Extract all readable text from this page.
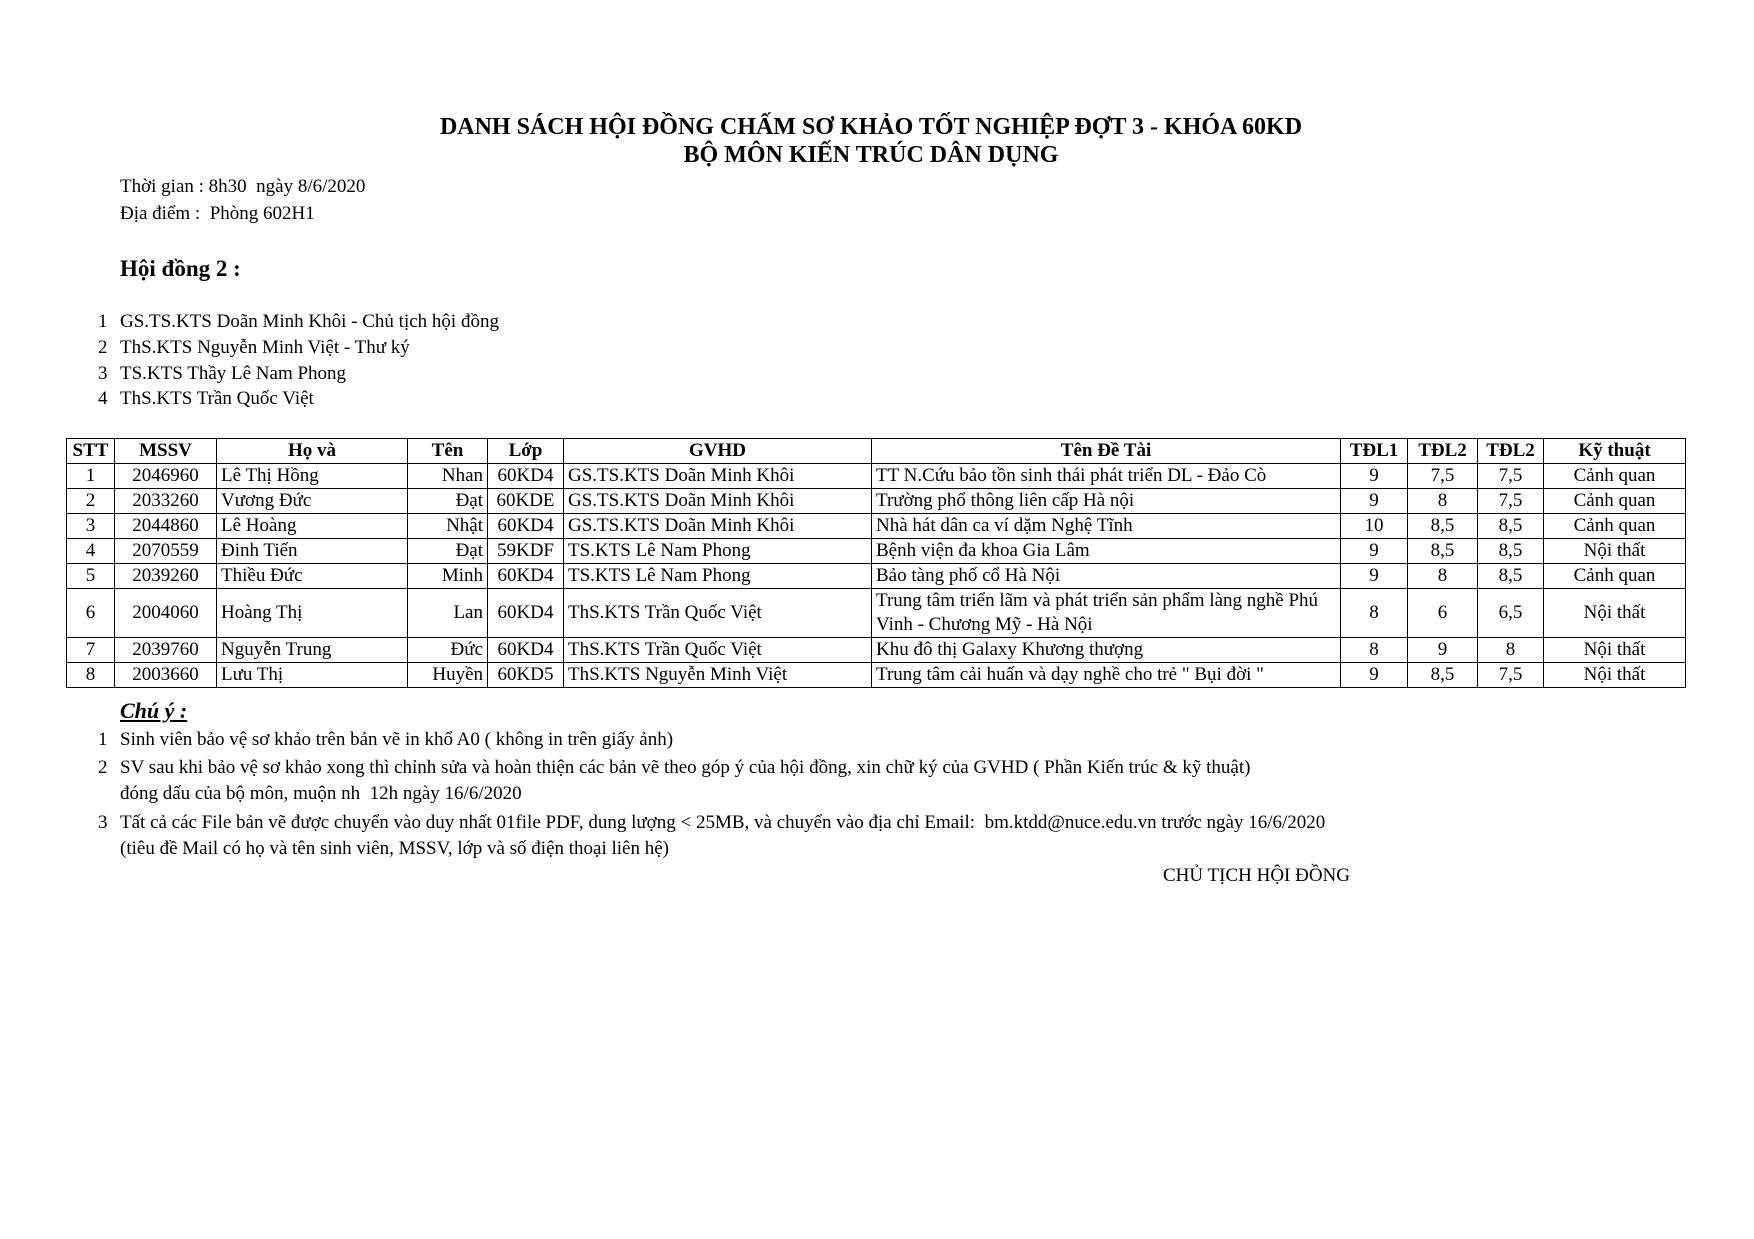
DANH SÁCH HỘI ĐỒNG CHẤM SƠ KHẢO TỐT NGHIỆP ĐỢT 3 - KHÓA 60KD
BỘ MÔN KIẾN TRÚC DÂN DỤNG
Thời gian : 8h30  ngày 8/6/2020
Địa điểm :  Phòng 602H1
Hội đồng 2 :
1 GS.TS.KTS Doãn Minh Khôi - Chủ tịch hội đồng
2 ThS.KTS Nguyễn Minh Việt - Thư ký
3 TS.KTS Thầy Lê Nam Phong
4 ThS.KTS Trần Quốc Việt
STT	MSSV	Họ và	Tên	Lớp	GVHD	Tên Đề Tài	TĐL1	TĐL2	TĐL2	Kỹ thuật
1	2046960	Lê Thị Hồng	Nhan	60KD4	GS.TS.KTS Doãn Minh Khôi	TT N.Cứu bảo tồn sinh thái phát triển DL - Đảo Cò	9	7,5	7,5	Cảnh quan
2	2033260	Vương Đức	Đạt	60KDE	GS.TS.KTS Doãn Minh Khôi	Trường phổ thông liên cấp Hà nội	9	8	7,5	Cảnh quan
3	2044860	Lê Hoàng	Nhật	60KD4	GS.TS.KTS Doãn Minh Khôi	Nhà hát dân ca ví dặm Nghệ Tĩnh	10	8,5	8,5	Cảnh quan
4	2070559	Đinh Tiến	Đạt	59KDF	TS.KTS Lê Nam Phong	Bệnh viện đa khoa Gia Lâm	9	8,5	8,5	Nội thất
5	2039260	Thiều Đức	Minh	60KD4	TS.KTS Lê Nam Phong	Bảo tàng phố cổ Hà Nội	9	8	8,5	Cảnh quan
6	2004060	Hoàng Thị	Lan	60KD4	ThS.KTS Trần Quốc Việt	Trung tâm triển lãm và phát triển sản phẩm làng nghề Phú Vinh - Chương Mỹ - Hà Nội	8	6	6,5	Nội thất
7	2039760	Nguyễn Trung	Đức	60KD4	ThS.KTS Trần Quốc Việt	Khu đô thị Galaxy Khương thượng	8	9	8	Nội thất
8	2003660	Lưu Thị	Huyền	60KD5	ThS.KTS Nguyễn Minh Việt	Trung tâm cải huấn và dạy nghề cho trẻ " Bụi đời "	9	8,5	7,5	Nội thất
Chú ý :
1 Sinh viên bảo vệ sơ khảo trên bản vẽ in khổ A0 ( không in trên giấy ảnh)
2 SV sau khi bảo vệ sơ khảo xong thì chỉnh sửa và hoàn thiện các bản vẽ theo góp ý của hội đồng, xin chữ ký của GVHD ( Phần Kiến trúc & kỹ thuật)
đóng dấu của bộ môn, muộn nh  12h ngày 16/6/2020
3 Tất cả các File bản vẽ được chuyển vào duy nhất 01file PDF, dung lượng < 25MB, và chuyển vào địa chỉ Email:  bm.ktdd@nuce.edu.vn trước ngày 16/6/2020
(tiêu đề Mail có họ và tên sinh viên, MSSV, lớp và số điện thoại liên hệ)
CHỦ TỊCH HỘI ĐỒNG
